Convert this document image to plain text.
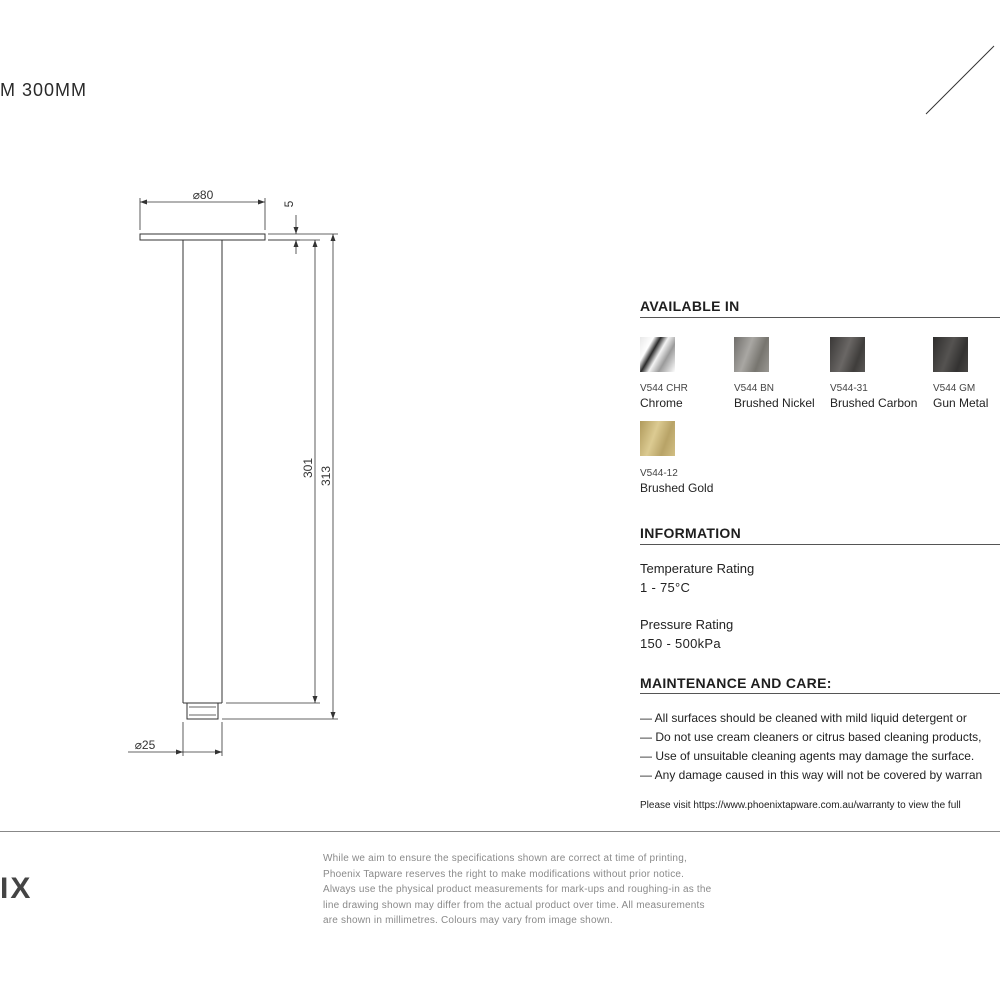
M 300MM
⌀80
5
301 313
⌀25
AVAILABLE IN
V544 CHR
Chrome
V544 BN
Brushed Nickel
V544-31
Brushed Carbon
V544 GM
Gun Metal
V544-12
Brushed Gold
INFORMATION
Temperature Rating
1 - 75°C
Pressure Rating
150 - 500kPa
MAINTENANCE AND CARE:
— All surfaces should be cleaned with mild liquid detergent or
— Do not use cream cleaners or citrus based cleaning products,
— Use of unsuitable cleaning agents may damage the surface.
— Any damage caused in this way will not be covered by warran
Please visit https://www.phoenixtapware.com.au/warranty to view the full
IX
While we aim to ensure the specifications shown are correct at time of printing,
Phoenix Tapware reserves the right to make modifications without prior notice.
Always use the physical product measurements for mark-ups and roughing-in as the
line drawing shown may differ from the actual product over time. All measurements
are shown in millimetres. Colours may vary from image shown.
